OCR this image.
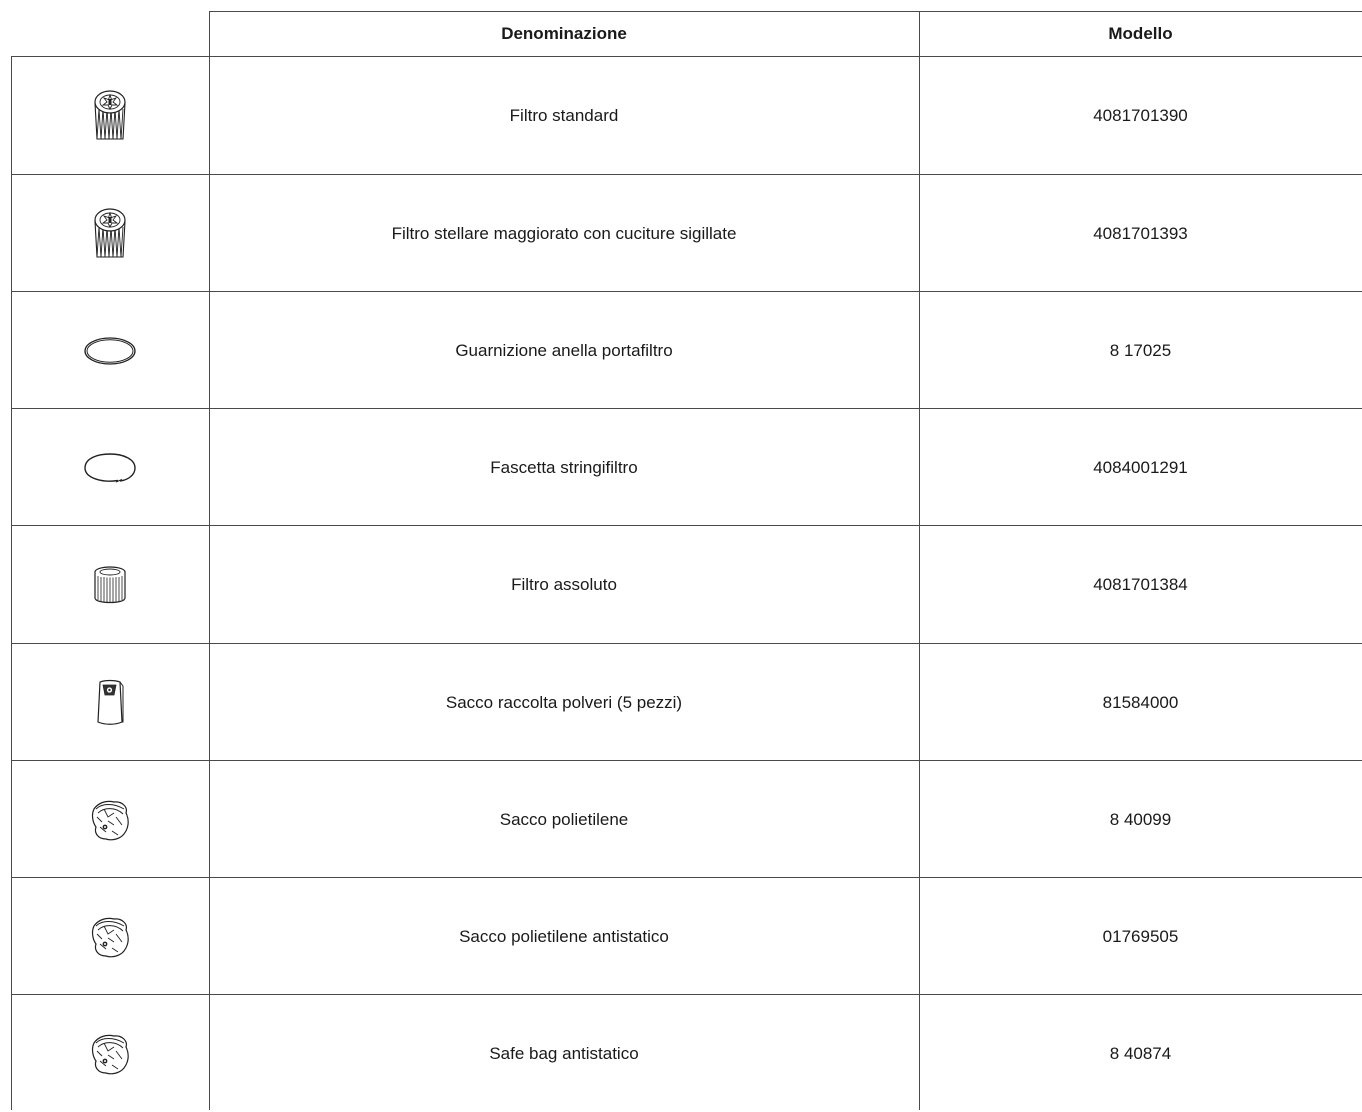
Denominazione	Modello
Filtro standard	4081701390
Filtro stellare maggiorato con cuciture sigillate	4081701393
Guarnizione anella portafiltro	8 17025
Fascetta stringifiltro	4084001291
Filtro assoluto	4081701384
Sacco raccolta polveri (5 pezzi)	81584000
Sacco polietilene	8 40099
Sacco polietilene antistatico	01769505
Safe bag antistatico	8 40874
